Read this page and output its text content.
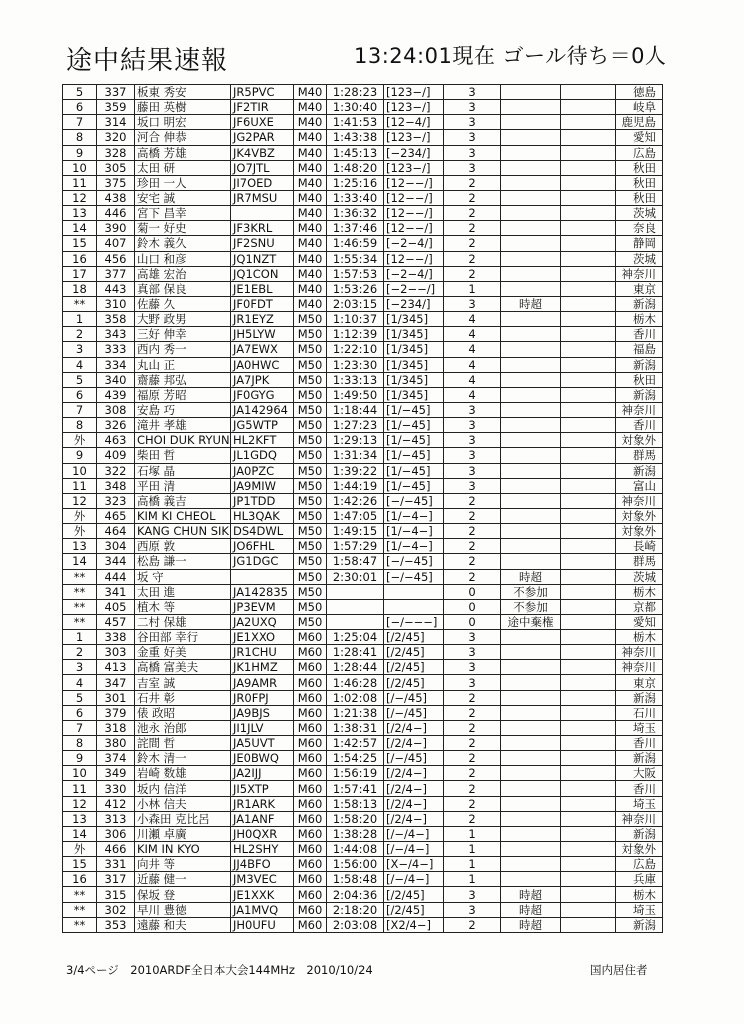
途中結果速報	13:24:01現在 ゴール待ち＝0人
5	337	板東 秀安	JR5PVC	M40	1:28:23	[123−/]	3			徳島
6	359	藤田 英樹	JF2TIR	M40	1:30:40	[123−/]	3			岐阜
7	314	坂口 明宏	JF6UXE	M40	1:41:53	[12−4/]	3			鹿児島
8	320	河合 伸恭	JG2PAR	M40	1:43:38	[123−/]	3			愛知
9	328	高橋 芳雄	JK4VBZ	M40	1:45:13	[−234/]	3			広島
10	305	太田 研	JO7JTL	M40	1:48:20	[123−/]	3			秋田
11	375	珍田 一人	JI7OED	M40	1:25:16	[12−−/]	2			秋田
12	438	安宅 誠	JR7MSU	M40	1:33:40	[12−−/]	2			秋田
13	446	宮下 昌幸		M40	1:36:32	[12−−/]	2			茨城
14	390	菊一 好史	JF3KRL	M40	1:37:46	[12−−/]	2			奈良
15	407	鈴木 義久	JF2SNU	M40	1:46:59	[−2−4/]	2			静岡
16	456	山口 和彦	JQ1NZT	M40	1:55:34	[12−−/]	2			茨城
17	377	高雄 宏治	JQ1CON	M40	1:57:53	[−2−4/]	2			神奈川
18	443	真部 保良	JE1EBL	M40	1:53:26	[−2−−/]	1			東京
**	310	佐藤 久	JF0FDT	M40	2:03:15	[−234/]	3	時超		新潟
1	358	大野 政男	JR1EYZ	M50	1:10:37	[1/345]	4			栃木
2	343	三好 伸幸	JH5LYW	M50	1:12:39	[1/345]	4			香川
3	333	西内 秀一	JA7EWX	M50	1:22:10	[1/345]	4			福島
4	334	丸山 正	JA0HWC	M50	1:23:30	[1/345]	4			新潟
5	340	齋藤 邦弘	JA7JPK	M50	1:33:13	[1/345]	4			秋田
6	439	福原 芳昭	JF0GYG	M50	1:49:50	[1/345]	4			新潟
7	308	安島 巧	JA142964	M50	1:18:44	[1/−45]	3			神奈川
8	326	滝井 孝雄	JG5WTP	M50	1:27:23	[1/−45]	3			香川
外	463	CHOI DUK RYUN	HL2KFT	M50	1:29:13	[1/−45]	3			対象外
9	409	柴田 哲	JL1GDQ	M50	1:31:34	[1/−45]	3			群馬
10	322	石塚 晶	JA0PZC	M50	1:39:22	[1/−45]	3			新潟
11	348	平田 清	JA9MIW	M50	1:44:19	[1/−45]	3			富山
12	323	高橋 義吉	JP1TDD	M50	1:42:26	[−/−45]	2			神奈川
外	465	KIM KI CHEOL	HL3QAK	M50	1:47:05	[1/−4−]	2			対象外
外	464	KANG CHUN SIK	DS4DWL	M50	1:49:15	[1/−4−]	2			対象外
13	304	西原 敦	JO6FHL	M50	1:57:29	[1/−4−]	2			長崎
14	344	松島 謙一	JG1DGC	M50	1:58:47	[−/−45]	2			群馬
**	444	坂 守		M50	2:30:01	[−/−45]	2	時超		茨城
**	341	太田 進	JA142835	M50			0	不参加		栃木
**	405	植木 等	JP3EVM	M50			0	不参加		京都
**	457	二村 保雄	JA2UXQ	M50		[−/−−−]	0	途中棄権		愛知
1	338	谷田部 幸行	JE1XXO	M60	1:25:04	[/2/45]	3			栃木
2	303	金重 好美	JR1CHU	M60	1:28:41	[/2/45]	3			神奈川
3	413	高橋 富美夫	JK1HMZ	M60	1:28:44	[/2/45]	3			神奈川
4	347	吉室 誠	JA9AMR	M60	1:46:28	[/2/45]	3			東京
5	301	石井 彰	JR0FPJ	M60	1:02:08	[/−/45]	2			新潟
6	379	俵 政昭	JA9BJS	M60	1:21:38	[/−/45]	2			石川
7	318	池永 治郎	JI1JLV	M60	1:38:31	[/2/4−]	2			埼玉
8	380	詫間 哲	JA5UVT	M60	1:42:57	[/2/4−]	2			香川
9	374	鈴木 清一	JE0BWQ	M60	1:54:25	[/−/45]	2			新潟
10	349	岩崎 数雄	JA2IJJ	M60	1:56:19	[/2/4−]	2			大阪
11	330	坂内 信洋	JI5XTP	M60	1:57:41	[/2/4−]	2			香川
12	412	小林 信夫	JR1ARK	M60	1:58:13	[/2/4−]	2			埼玉
13	313	小森田 克比呂	JA1ANF	M60	1:58:20	[/2/4−]	2			神奈川
14	306	川瀬 卓廣	JH0QXR	M60	1:38:28	[/−/4−]	1			新潟
外	466	KIM IN KYO	HL2SHY	M60	1:44:08	[/−/4−]	1			対象外
15	331	向井 等	JJ4BFO	M60	1:56:00	[X−/4−]	1			広島
16	317	近藤 健一	JM3VEC	M60	1:58:48	[/−/4−]	1			兵庫
**	315	保坂 登	JE1XXK	M60	2:04:36	[/2/45]	3	時超		栃木
**	302	早川 豊徳	JA1MVQ	M60	2:18:20	[/2/45]	3	時超		埼玉
**	353	遠藤 和夫	JH0UFU	M60	2:03:08	[X2/4−]	2	時超		新潟
3/4ページ　2010ARDF全日本大会144MHz　2010/10/24	国内居住者
